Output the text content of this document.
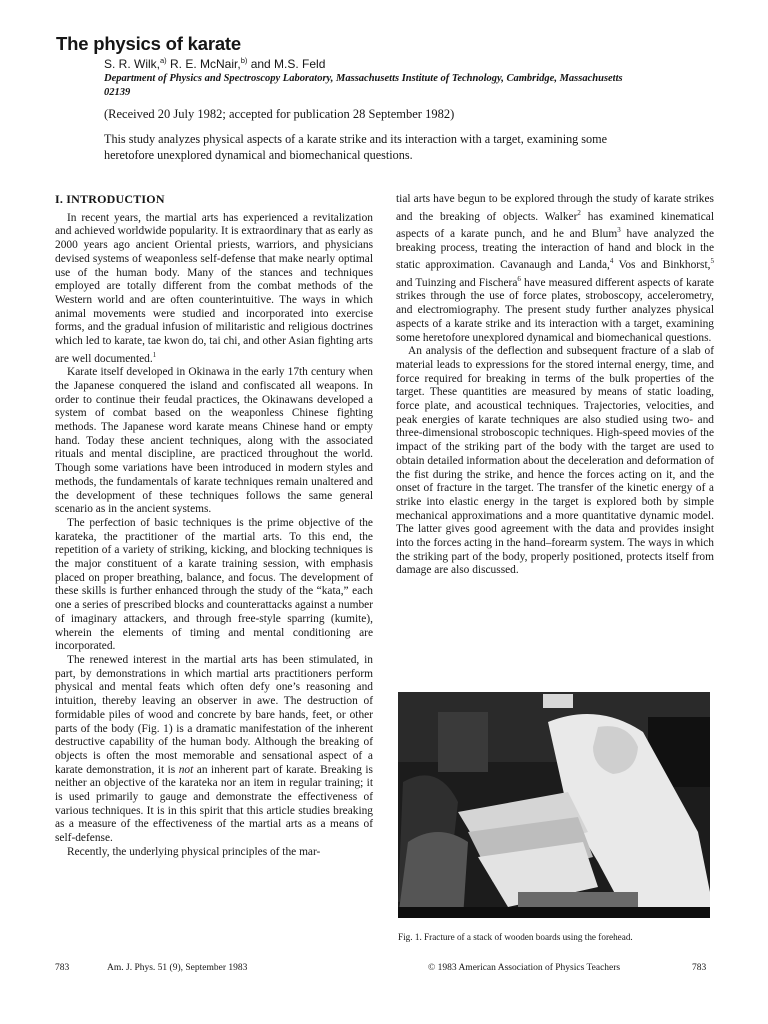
The physics of karate
S. R. Wilk,$^{a)}$ R. E. McNair,$^{b)}$ and M.S. Feld
Department of Physics and Spectroscopy Laboratory, Massachusetts Institute of Technology, Cambridge, Massachusetts 02139
(Received 20 July 1982; accepted for publication 28 September 1982)
This study analyzes physical aspects of a karate strike and its interaction with a target, examining some heretofore unexplored dynamical and biomechanical questions.
I. INTRODUCTION

In recent years, the martial arts has experienced a revitalization and achieved worldwide popularity. It is extraordinary that as early as 2000 years ago ancient Oriental priests, warriors, and physicians devised systems of weaponless self-defense that make nearly optimal use of the human body. Many of the stances and techniques employed are totally different from the combat methods of the Western world and are often counterintuitive. The ways in which animal movements were studied and incorporated into exercise forms, and the gradual infusion of militaristic and religious doctrines which led to karate, tae kwon do, tai chi, and other Asian fighting arts are well documented.$^1$

Karate itself developed in Okinawa in the early 17th century when the Japanese conquered the island and confiscated all weapons. In order to continue their feudal practices, the Okinawans developed a system of combat based on the weaponless Chinese fighting methods. The Japanese word karate means Chinese hand or empty hand. Today these ancient techniques, along with the associated rituals and mental discipline, are practiced throughout the world. Though some variations have been introduced in modern styles and methods, the fundamentals of karate techniques remain unaltered and the development of these techniques follows the same general scenario as in the ancient systems.

The perfection of basic techniques is the prime objective of the karateka, the practitioner of the martial arts. To this end, the repetition of a variety of striking, kicking, and blocking techniques is the major constituent of a karate training session, with emphasis placed on proper breathing, balance, and focus. The development of these skills is further enhanced through the study of the “kata,” each one a series of prescribed blocks and counterattacks against a number of imaginary attackers, and through free-style sparring (kumite), wherein the elements of timing and mental conditioning are incorporated.

The renewed interest in the martial arts has been stimulated, in part, by demonstrations in which martial arts practitioners perform physical and mental feats which often defy one’s reasoning and intuition, thereby leaving an observer in awe. The destruction of formidable piles of wood and concrete by bare hands, feet, or other parts of the body (Fig. 1) is a dramatic manifestation of the inherent destructive capability of the human body. Although the breaking of objects is often the most memorable and sensational aspect of a karate demonstration, it is not an inherent part of karate. Breaking is neither an objective of the karateka nor an item in regular training; it is used primarily to gauge and demonstrate the effectiveness of various techniques. It is in this spirit that this article studies breaking as a measure of the effectiveness of the martial arts as a means of self-defense.

Recently, the underlying physical principles of the mar-

tial arts have begun to be explored through the study of karate strikes and the breaking of objects. Walker$^2$ has examined kinematical aspects of a karate punch, and he and Blum$^3$ have analyzed the breaking process, treating the interaction of hand and block in the static approximation. Cavanaugh and Landa,$^4$ Vos and Binkhorst,$^5$ and Tuinzing and Fischera$^6$ have measured different aspects of karate strikes through the use of force plates, stroboscopy, accelerometry, and electromiography. The present study further analyzes physical aspects of a karate strike and its interaction with a target, examining some heretofore unexplored dynamical and biomechanical questions.

An analysis of the deflection and subsequent fracture of a slab of material leads to expressions for the stored internal energy, time, and force required for breaking in terms of the bulk properties of the target. These quantities are measured by means of static loading, force plate, and acoustical techniques. Trajectories, velocities, and peak energies of karate techniques are also studied using two- and three-dimensional stroboscopic techniques. High-speed movies of the impact of the striking part of the body with the target are used to obtain detailed information about the deceleration and deformation of the fist during the strike, and hence the forces acting on it, and the onset of fracture in the target. The transfer of the kinetic energy of a strike into elastic energy in the target is explored both by simple mechanical approximations and a more quantitative dynamic model. The latter gives good agreement with the data and provides insight into the forces acting in the hand–forearm system. The ways in which the striking part of the body, properly positioned, protects itself from damage are also discussed.

Fig. 1. Fracture of a stack of wooden boards using the forehead.
783	Am. J. Phys. 51 (9), September 1983	© 1983 American Association of Physics Teachers	783
